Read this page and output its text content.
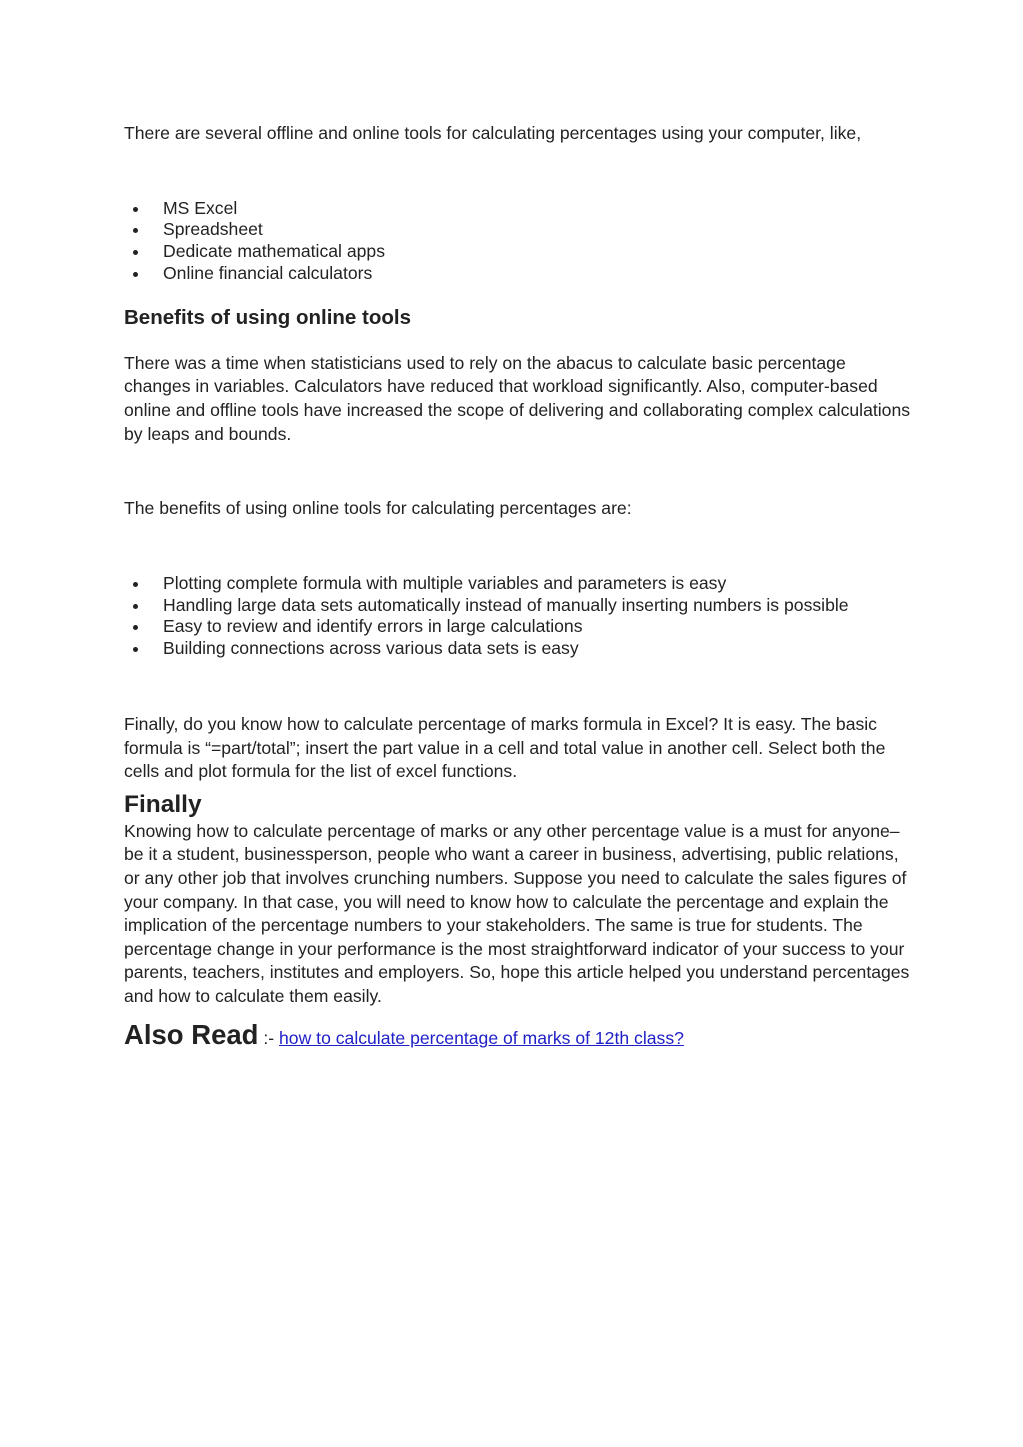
There are several offline and online tools for calculating percentages using your computer, like,

MS Excel
Spreadsheet
Dedicate mathematical apps
Online financial calculators
Benefits of using online tools

There was a time when statisticians used to rely on the abacus to calculate basic percentage changes in variables. Calculators have reduced that workload significantly. Also, computer-based online and offline tools have increased the scope of delivering and collaborating complex calculations by leaps and bounds.

The benefits of using online tools for calculating percentages are:

Plotting complete formula with multiple variables and parameters is easy
Handling large data sets automatically instead of manually inserting numbers is possible
Easy to review and identify errors in large calculations
Building connections across various data sets is easy

Finally, do you know how to calculate percentage of marks formula in Excel? It is easy. The basic formula is “=part/total”; insert the part value in a cell and total value in another cell. Select both the cells and plot formula for the list of excel functions.

Finally

Knowing how to calculate percentage of marks or any other percentage value is a must for anyone–be it a student, businessperson, people who want a career in business, advertising, public relations, or any other job that involves crunching numbers. Suppose you need to calculate the sales figures of your company. In that case, you will need to know how to calculate the percentage and explain the implication of the percentage numbers to your stakeholders. The same is true for students. The percentage change in your performance is the most straightforward indicator of your success to your parents, teachers, institutes and employers. So, hope this article helped you understand percentages and how to calculate them easily.

Also Read :- how to calculate percentage of marks of 12th class?
